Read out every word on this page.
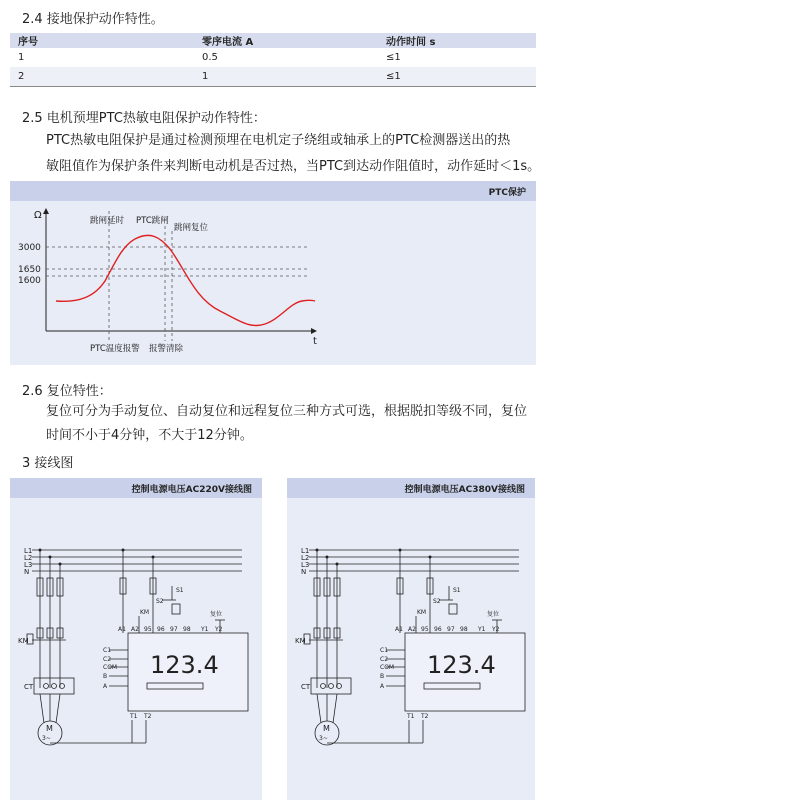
2.4 接地保护动作特性。
序号	零序电流 A	动作时间 s
1	0.5	≤1
2	1	≤1
2.5 电机预埋PTC热敏电阻保护动作特性：
PTC热敏电阻保护是通过检测预埋在电机定子绕组或轴承上的PTC检测器送出的热
敏阻值作为保护条件来判断电动机是否过热，当PTC到达动作阻值时，动作延时＜1s。
PTC保护
Ω
t
3000
1650
1600
跳闸延时 PTC跳闸
跳闸复位
PTC温度报警 报警清除
2.6 复位特性：
复位可分为手动复位、自动复位和远程复位三种方式可选，根据脱扣等级不同，复位
时间不小于4分钟，不大于12分钟。
3 接线图
控制电源电压AC220V接线图
L1
L2
L3
N
KM
CT
M
3~
S1
S2
KM	复位
A1 A2 95 96 97 98 Y1 Y2
123.4
C1
C2
COM
B
A
T1 T2
控制电源电压AC380V接线图
L1
L2
L3
N
KM
CT
M
3~
S1
S2
KM	复位
A1 A2 95 96 97 98 Y1 Y2
123.4
C1
C2
COM
B
A
T1 T2
